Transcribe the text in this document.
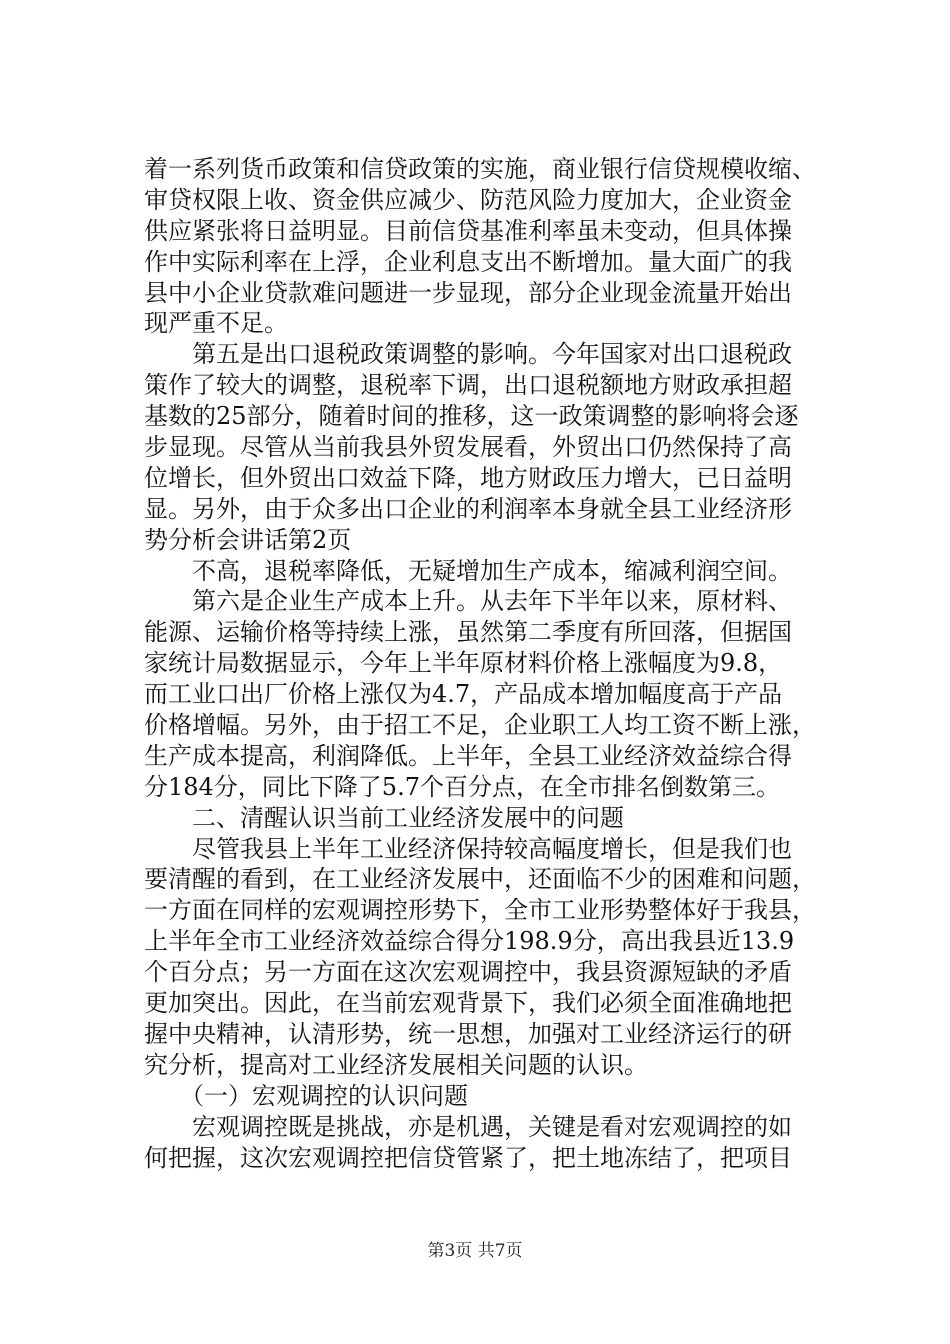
着一系列货币政策和信贷政策的实施，商业银行信贷规模收缩、
审贷权限上收、资金供应减少、防范风险力度加大，企业资金
供应紧张将日益明显。目前信贷基准利率虽未变动，但具体操
作中实际利率在上浮，企业利息支出不断增加。量大面广的我
县中小企业贷款难问题进一步显现，部分企业现金流量开始出
现严重不足。
　　第五是出口退税政策调整的影响。今年国家对出口退税政
策作了较大的调整，退税率下调，出口退税额地方财政承担超
基数的25部分，随着时间的推移，这一政策调整的影响将会逐
步显现。尽管从当前我县外贸发展看，外贸出口仍然保持了高
位增长，但外贸出口效益下降，地方财政压力增大，已日益明
显。另外，由于众多出口企业的利润率本身就全县工业经济形
势分析会讲话第2页
　　不高，退税率降低，无疑增加生产成本，缩减利润空间。
　　第六是企业生产成本上升。从去年下半年以来，原材料、
能源、运输价格等持续上涨，虽然第二季度有所回落，但据国
家统计局数据显示，今年上半年原材料价格上涨幅度为9.8，
而工业口出厂价格上涨仅为4.7，产品成本增加幅度高于产品
价格增幅。另外，由于招工不足，企业职工人均工资不断上涨，
生产成本提高，利润降低。上半年，全县工业经济效益综合得
分184分，同比下降了5.7个百分点，在全市排名倒数第三。
　　二、清醒认识当前工业经济发展中的问题
　　尽管我县上半年工业经济保持较高幅度增长，但是我们也
要清醒的看到，在工业经济发展中，还面临不少的困难和问题，
一方面在同样的宏观调控形势下，全市工业形势整体好于我县，
上半年全市工业经济效益综合得分198.9分，高出我县近13.9
个百分点；另一方面在这次宏观调控中，我县资源短缺的矛盾
更加突出。因此，在当前宏观背景下，我们必须全面准确地把
握中央精神，认清形势，统一思想，加强对工业经济运行的研
究分析，提高对工业经济发展相关问题的认识。
　　（一）宏观调控的认识问题
　　宏观调控既是挑战，亦是机遇，关键是看对宏观调控的如
何把握，这次宏观调控把信贷管紧了，把土地冻结了，把项目
第3页 共7页
